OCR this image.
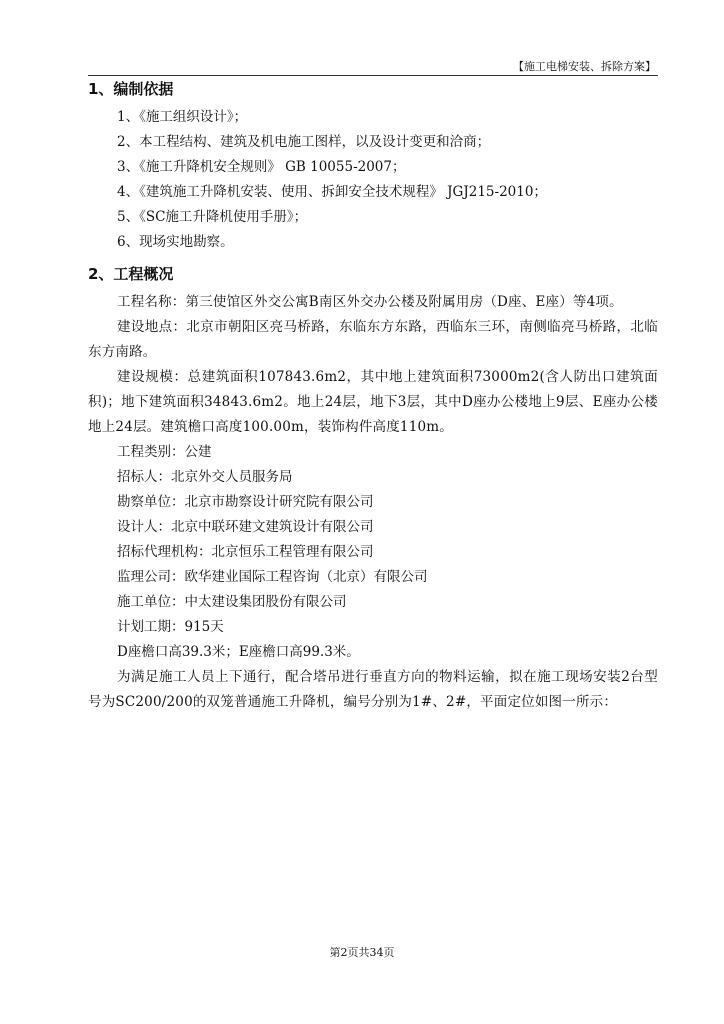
【施工电梯安装、拆除方案】
1、编制依据
1、《施工组织设计》；
2、本工程结构、建筑及机电施工图样，以及设计变更和洽商；
3、《施工升降机安全规则》 GB 10055-2007；
4、《建筑施工升降机安装、使用、拆卸安全技术规程》 JGJ215-2010；
5、《SC施工升降机使用手册》；
6、现场实地勘察。
2、工程概况

工程名称：第三使馆区外交公寓B南区外交办公楼及附属用房（D座、E座）等4项。

建设地点：北京市朝阳区亮马桥路，东临东方东路，西临东三环，南侧临亮马桥路，北临东方南路。

建设规模：总建筑面积107843.6m2，其中地上建筑面积73000m2(含人防出口建筑面积)；地下建筑面积34843.6m2。地上24层，地下3层，其中D座办公楼地上9层、E座办公楼地上24层。建筑檐口高度100.00m，装饰构件高度110m。

工程类别：公建

招标人：北京外交人员服务局

勘察单位：北京市勘察设计研究院有限公司

设计人：北京中联环建文建筑设计有限公司

招标代理机构：北京恒乐工程管理有限公司

监理公司：欧华建业国际工程咨询（北京）有限公司

施工单位：中太建设集团股份有限公司

计划工期：915天

D座檐口高39.3米；E座檐口高99.3米。

为满足施工人员上下通行，配合塔吊进行垂直方向的物料运输，拟在施工现场安装2台型号为SC200/200的双笼普通施工升降机，编号分别为1#、2#，平面定位如图一所示：

第2页共34页
